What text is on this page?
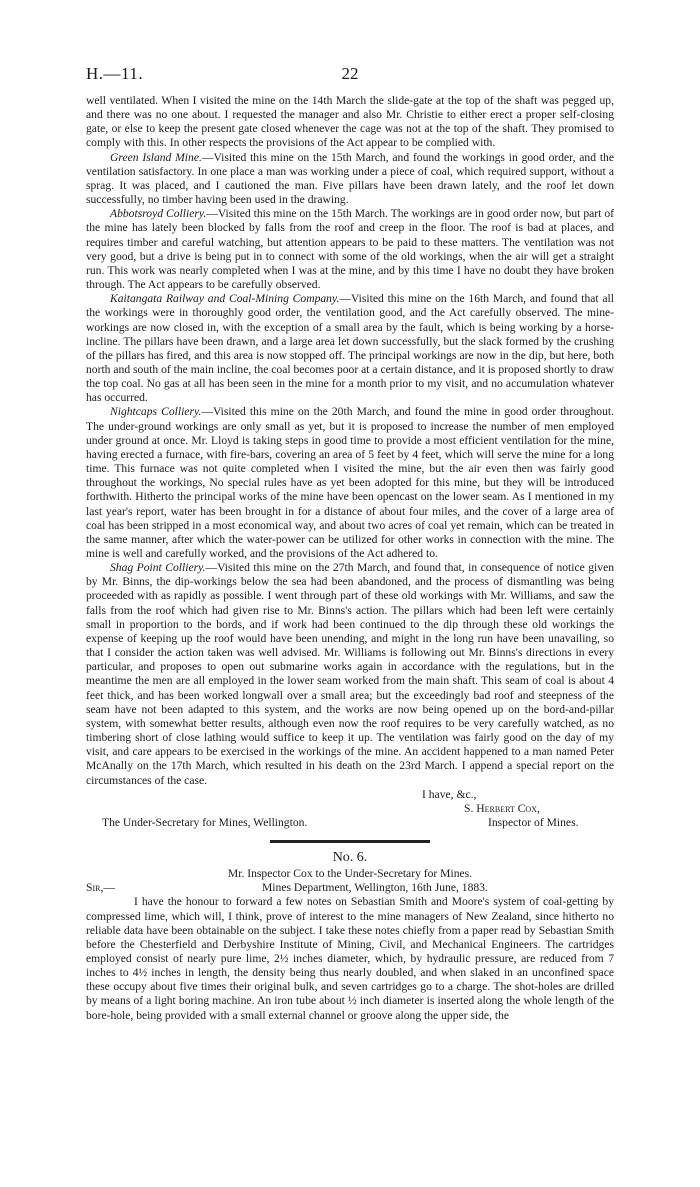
H.—11.	22

well ventilated. When I visited the mine on the 14th March the slide-gate at the top of the shaft was pegged up, and there was no one about. I requested the manager and also Mr. Christie to either erect a proper self-closing gate, or else to keep the present gate closed whenever the cage was not at the top of the shaft. They promised to comply with this. In other respects the provisions of the Act appear to be complied with.

Green Island Mine.—Visited this mine on the 15th March, and found the workings in good order, and the ventilation satisfactory. In one place a man was working under a piece of coal, which required support, without a sprag. It was placed, and I cautioned the man. Five pillars have been drawn lately, and the roof let down successfully, no timber having been used in the drawing.

Abbotsroyd Colliery.—Visited this mine on the 15th March. The workings are in good order now, but part of the mine has lately been blocked by falls from the roof and creep in the floor. The roof is bad at places, and requires timber and careful watching, but attention appears to be paid to these matters. The ventilation was not very good, but a drive is being put in to connect with some of the old workings, when the air will get a straight run. This work was nearly completed when I was at the mine, and by this time I have no doubt they have broken through. The Act appears to be carefully observed.

Kaitangata Railway and Coal-Mining Company.—Visited this mine on the 16th March, and found that all the workings were in thoroughly good order, the ventilation good, and the Act carefully observed. The mine-workings are now closed in, with the exception of a small area by the fault, which is being working by a horse-incline. The pillars have been drawn, and a large area let down successfully, but the slack formed by the crushing of the pillars has fired, and this area is now stopped off. The principal workings are now in the dip, but here, both north and south of the main incline, the coal becomes poor at a certain distance, and it is proposed shortly to draw the top coal. No gas at all has been seen in the mine for a month prior to my visit, and no accumulation whatever has occurred.

Nightcaps Colliery.—Visited this mine on the 20th March, and found the mine in good order throughout. The under-ground workings are only small as yet, but it is proposed to increase the number of men employed under ground at once. Mr. Lloyd is taking steps in good time to provide a most efficient ventilation for the mine, having erected a furnace, with fire-bars, covering an area of 5 feet by 4 feet, which will serve the mine for a long time. This furnace was not quite completed when I visited the mine, but the air even then was fairly good throughout the workings, No special rules have as yet been adopted for this mine, but they will be introduced forthwith. Hitherto the principal works of the mine have been opencast on the lower seam. As I mentioned in my last year's report, water has been brought in for a distance of about four miles, and the cover of a large area of coal has been stripped in a most economical way, and about two acres of coal yet remain, which can be treated in the same manner, after which the water-power can be utilized for other works in connection with the mine. The mine is well and carefully worked, and the provisions of the Act adhered to.

Shag Point Colliery.—Visited this mine on the 27th March, and found that, in consequence of notice given by Mr. Binns, the dip-workings below the sea had been abandoned, and the process of dismantling was being proceeded with as rapidly as possible. I went through part of these old workings with Mr. Williams, and saw the falls from the roof which had given rise to Mr. Binns's action. The pillars which had been left were certainly small in proportion to the bords, and if work had been continued to the dip through these old workings the expense of keeping up the roof would have been unending, and might in the long run have been unavailing, so that I consider the action taken was well advised. Mr. Williams is following out Mr. Binns's directions in every particular, and proposes to open out submarine works again in accordance with the regulations, but in the meantime the men are all employed in the lower seam worked from the main shaft. This seam of coal is about 4 feet thick, and has been worked longwall over a small area; but the exceedingly bad roof and steepness of the seam have not been adapted to this system, and the works are now being opened up on the bord-and-pillar system, with somewhat better results, although even now the roof requires to be very carefully watched, as no timbering short of close lathing would suffice to keep it up. The ventilation was fairly good on the day of my visit, and care appears to be exercised in the workings of the mine. An accident happened to a man named Peter McAnally on the 17th March, which resulted in his death on the 23rd March. I append a special report on the circumstances of the case.

I have, &c.,
S. Herbert Cox,
The Under-Secretary for Mines, Wellington.	Inspector of Mines.
No. 6.
Mr. Inspector Cox to the Under-Secretary for Mines.
Sir,—	Mines Department, Wellington, 16th June, 1883.

I have the honour to forward a few notes on Sebastian Smith and Moore's system of coal-getting by compressed lime, which will, I think, prove of interest to the mine managers of New Zealand, since hitherto no reliable data have been obtainable on the subject. I take these notes chiefly from a paper read by Sebastian Smith before the Chesterfield and Derbyshire Institute of Mining, Civil, and Mechanical Engineers. The cartridges employed consist of nearly pure lime, 2½ inches diameter, which, by hydraulic pressure, are reduced from 7 inches to 4½ inches in length, the density being thus nearly doubled, and when slaked in an unconfined space these occupy about five times their original bulk, and seven cartridges go to a charge. The shot-holes are drilled by means of a light boring machine. An iron tube about ½ inch diameter is inserted along the whole length of the bore-hole, being provided with a small external channel or groove along the upper side, the
